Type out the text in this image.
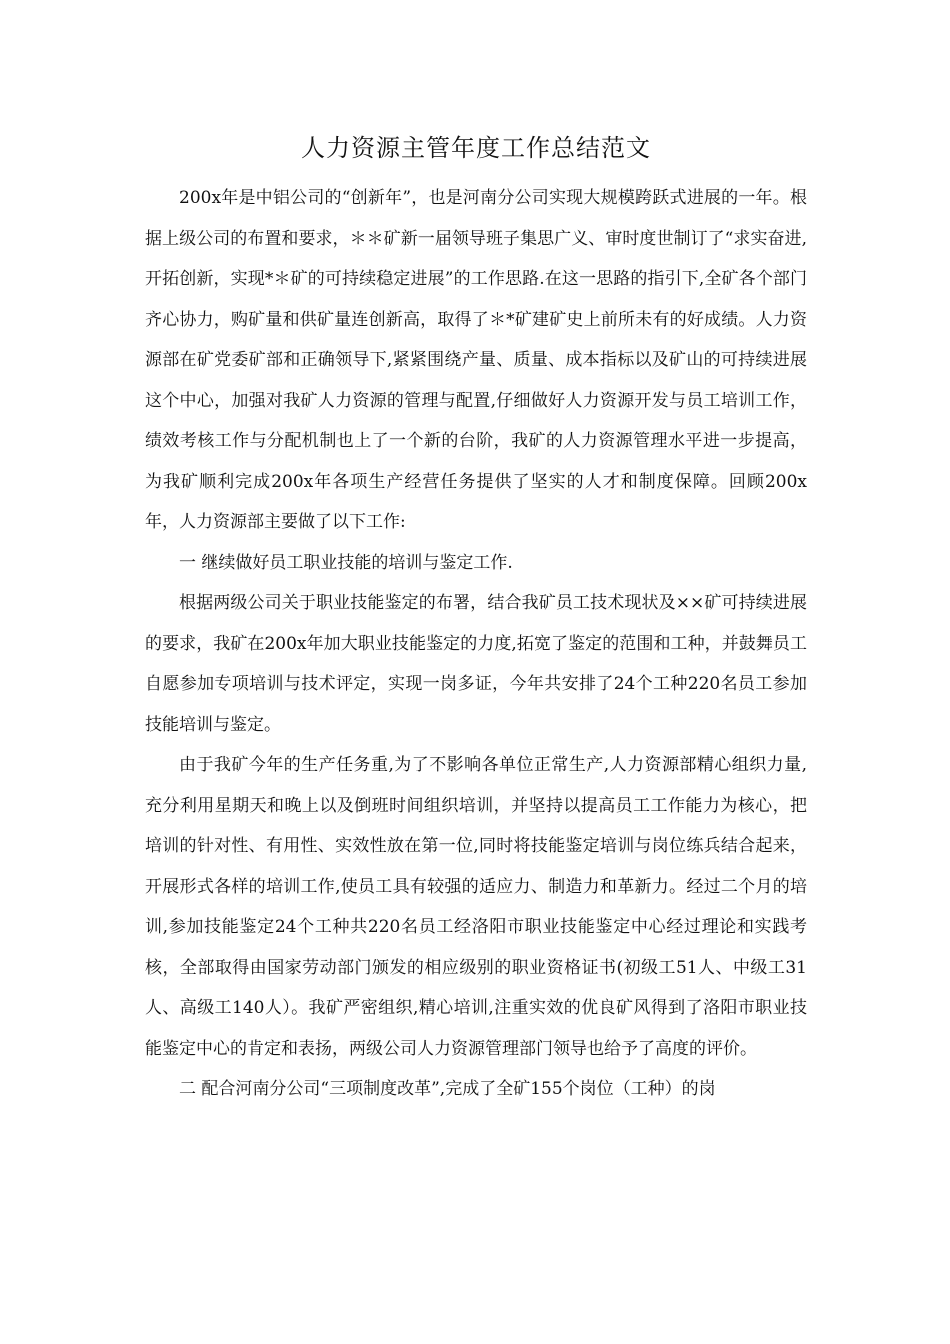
人力资源主管年度工作总结范文

200x年是中铝公司的“创新年”，也是河南分公司实现大规模跨跃式进展的一年。根据上级公司的布置和要求，＊＊矿新一届领导班子集思广义、审时度世制订了“求实奋进,开拓创新，实现*＊矿的可持续稳定进展”的工作思路.在这一思路的指引下,全矿各个部门齐心协力，购矿量和供矿量连创新高，取得了＊*矿建矿史上前所未有的好成绩。人力资源部在矿党委矿部和正确领导下,紧紧围绕产量、质量、成本指标以及矿山的可持续进展这个中心，加强对我矿人力资源的管理与配置,仔细做好人力资源开发与员工培训工作，绩效考核工作与分配机制也上了一个新的台阶，我矿的人力资源管理水平进一步提高，为我矿顺利完成200x年各项生产经营任务提供了坚实的人才和制度保障。回顾200x年，人力资源部主要做了以下工作:

一 继续做好员工职业技能的培训与鉴定工作.

根据两级公司关于职业技能鉴定的布署，结合我矿员工技术现状及××矿可持续进展的要求，我矿在200x年加大职业技能鉴定的力度,拓宽了鉴定的范围和工种，并鼓舞员工自愿参加专项培训与技术评定，实现一岗多证，今年共安排了24个工种220名员工参加技能培训与鉴定。

由于我矿今年的生产任务重,为了不影响各单位正常生产,人力资源部精心组织力量,充分利用星期天和晚上以及倒班时间组织培训，并坚持以提高员工工作能力为核心，把培训的针对性、有用性、实效性放在第一位,同时将技能鉴定培训与岗位练兵结合起来，开展形式各样的培训工作,使员工具有较强的适应力、制造力和革新力。经过二个月的培训,参加技能鉴定24个工种共220名员工经洛阳市职业技能鉴定中心经过理论和实践考核，全部取得由国家劳动部门颁发的相应级别的职业资格证书(初级工51人、中级工31人、高级工140人）。我矿严密组织,精心培训,注重实效的优良矿风得到了洛阳市职业技能鉴定中心的肯定和表扬，两级公司人力资源管理部门领导也给予了高度的评价。

二 配合河南分公司“三项制度改革”,完成了全矿155个岗位（工种）的岗
